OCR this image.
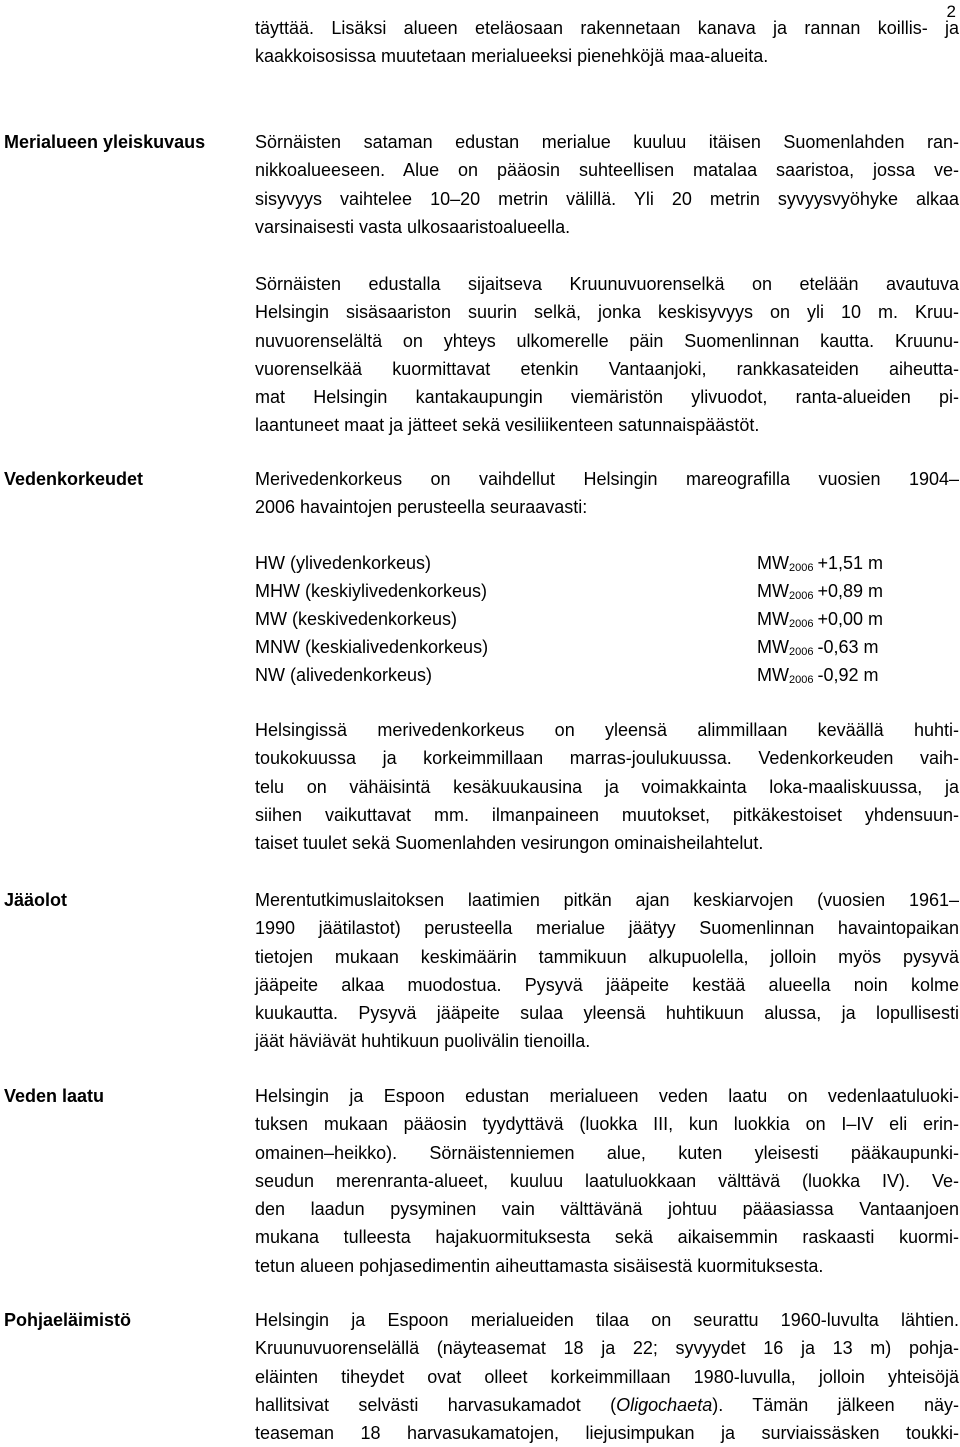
2
täyttää. Lisäksi alueen eteläosaan rakennetaan kanava ja rannan koillis- ja
kaakkoisosissa muutetaan merialueeksi pienehköjä maa-alueita.
Merialueen yleiskuvaus	Sörnäisten sataman edustan merialue kuuluu itäisen Suomenlahden ran-
nikkoalueeseen. Alue on pääosin suhteellisen matalaa saaristoa, jossa ve-
sisyvyys vaihtelee 10–20 metrin välillä. Yli 20 metrin syvyysvyöhyke alkaa
varsinaisesti vasta ulkosaaristoalueella.
Sörnäisten edustalla sijaitseva Kruunuvuorenselkä on etelään avautuva
Helsingin sisäsaariston suurin selkä, jonka keskisyvyys on yli 10 m. Kruu-
nuvuorenselältä on yhteys ulkomerelle päin Suomenlinnan kautta. Kruunu-
vuorenselkää kuormittavat etenkin Vantaanjoki, rankkasateiden aiheutta-
mat Helsingin kantakaupungin viemäristön ylivuodot, ranta-alueiden pi-
laantuneet maat ja jätteet sekä vesiliikenteen satunnaispäästöt.
Vedenkorkeudet	Merivedenkorkeus on vaihdellut Helsingin mareografilla vuosien 1904–
2006 havaintojen perusteella seuraavasti:
HW (ylivedenkorkeus)	$MW_{2006} +1,51$ m
MHW (keskiylivedenkorkeus)	$MW_{2006} +0,89$ m
MW (keskivedenkorkeus)	$MW_{2006} +0,00$ m
MNW (keskialivedenkorkeus)	$MW_{2006}$ -0,63 m
NW (alivedenkorkeus)	$MW_{2006}$ -0,92 m
Helsingissä merivedenkorkeus on yleensä alimmillaan keväällä huhti-
toukokuussa ja korkeimmillaan marras-joulukuussa. Vedenkorkeuden vaih-
telu on vähäisintä kesäkuukausina ja voimakkainta loka-maaliskuussa, ja
siihen vaikuttavat mm. ilmanpaineen muutokset, pitkäkestoiset yhdensuun-
taiset tuulet sekä Suomenlahden vesirungon ominaisheilahtelut.
Jääolot	Merentutkimuslaitoksen laatimien pitkän ajan keskiarvojen (vuosien 1961–
1990 jäätilastot) perusteella merialue jäätyy Suomenlinnan havaintopaikan
tietojen mukaan keskimäärin tammikuun alkupuolella, jolloin myös pysyvä
jääpeite alkaa muodostua. Pysyvä jääpeite kestää alueella noin kolme
kuukautta. Pysyvä jääpeite sulaa yleensä huhtikuun alussa, ja lopullisesti
jäät häviävät huhtikuun puolivälin tienoilla.
Veden laatu	Helsingin ja Espoon edustan merialueen veden laatu on vedenlaatuluoki-
tuksen mukaan pääosin tyydyttävä (luokka III, kun luokkia on I–IV eli erin-
omainen–heikko). Sörnäistenniemen alue, kuten yleisesti pääkaupunki-
seudun merenranta-alueet, kuuluu laatuluokkaan välttävä (luokka IV). Ve-
den laadun pysyminen vain välttävänä johtuu pääasiassa Vantaanjoen
mukana tulleesta hajakuormituksesta sekä aikaisemmin raskaasti kuormi-
tetun alueen pohjasedimentin aiheuttamasta sisäisestä kuormituksesta.
Pohjaeläimistö	Helsingin ja Espoon merialueiden tilaa on seurattu 1960-luvulta lähtien.
Kruunuvuorenselällä (näyteasemat 18 ja 22; syvyydet 16 ja 13 m) pohja-
eläinten tiheydet ovat olleet korkeimmillaan 1980-luvulla, jolloin yhteisöjä
hallitsivat selvästi harvasukamadot (Oligochaeta). Tämän jälkeen näy-
teaseman 18 harvasukamatojen, liejusimpukan ja surviaissäsken toukki-
